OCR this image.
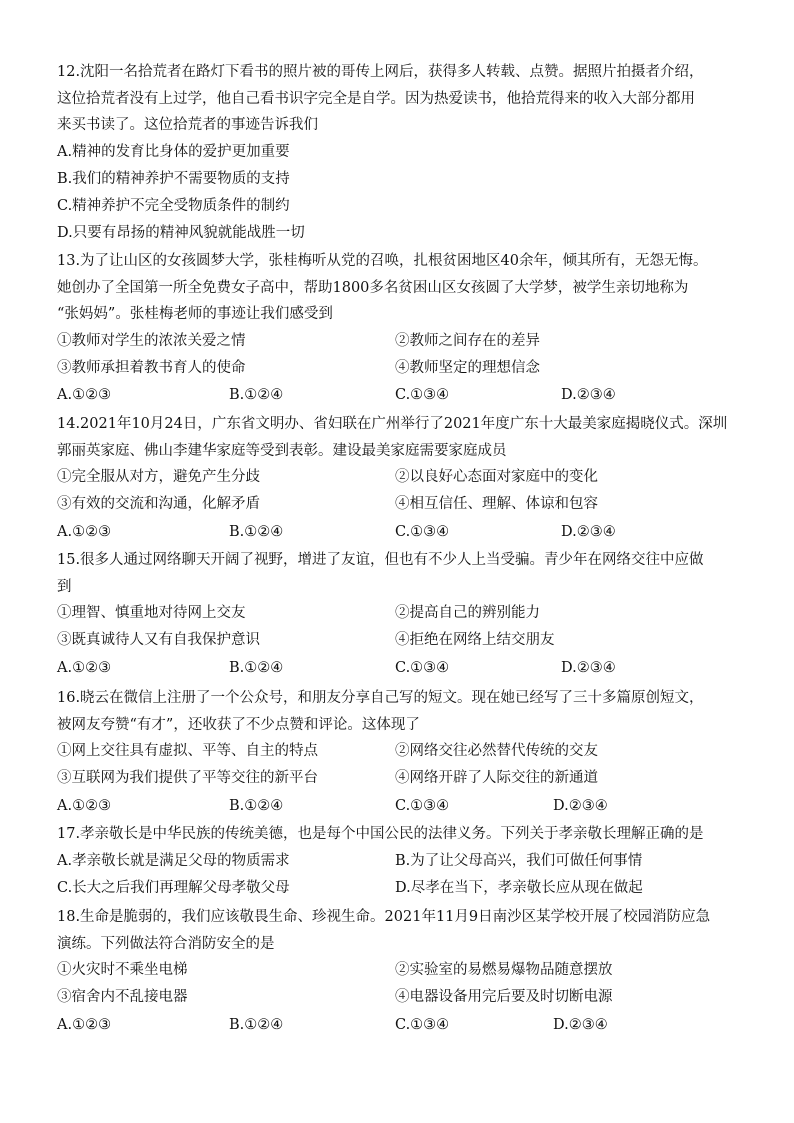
12.沈阳一名拾荒者在路灯下看书的照片被的哥传上网后，获得多人转载、点赞。据照片拍摄者介绍，
这位拾荒者没有上过学，他自己看书识字完全是自学。因为热爱读书，他拾荒得来的收入大部分都用
来买书读了。这位拾荒者的事迹告诉我们
A.精神的发育比身体的爱护更加重要
B.我们的精神养护不需要物质的支持
C.精神养护不完全受物质条件的制约
D.只要有昂扬的精神风貌就能战胜一切
13.为了让山区的女孩圆梦大学，张桂梅听从党的召唤，扎根贫困地区40余年，倾其所有，无怨无悔。
她创办了全国第一所全免费女子高中，帮助1800多名贫困山区女孩圆了大学梦，被学生亲切地称为
“张妈妈”。张桂梅老师的事迹让我们感受到
①教师对学生的浓浓关爱之情	②教师之间存在的差异
③教师承担着教书育人的使命	④教师坚定的理想信念
A.①②③	B.①②④	C.①③④	D.②③④
14.2021年10月24日，广东省文明办、省妇联在广州举行了2021年度广东十大最美家庭揭晓仪式。深圳
郭丽英家庭、佛山李建华家庭等受到表彰。建设最美家庭需要家庭成员
①完全服从对方，避免产生分歧	②以良好心态面对家庭中的变化
③有效的交流和沟通，化解矛盾	④相互信任、理解、体谅和包容
A.①②③	B.①②④	C.①③④	D.②③④
15.很多人通过网络聊天开阔了视野，增进了友谊，但也有不少人上当受骗。青少年在网络交往中应做
到
①理智、慎重地对待网上交友	②提高自己的辨别能力
③既真诚待人又有自我保护意识	④拒绝在网络上结交朋友
A.①②③	B.①②④	C.①③④	D.②③④
16.晓云在微信上注册了一个公众号，和朋友分享自己写的短文。现在她已经写了三十多篇原创短文，
被网友夸赞“有才”，还收获了不少点赞和评论。这体现了
①网上交往具有虚拟、平等、自主的特点	②网络交往必然替代传统的交友
③互联网为我们提供了平等交往的新平台	④网络开辟了人际交往的新通道
A.①②③	B.①②④	C.①③④	D.②③④
17.孝亲敬长是中华民族的传统美德，也是每个中国公民的法律义务。下列关于孝亲敬长理解正确的是
A.孝亲敬长就是满足父母的物质需求	B.为了让父母高兴，我们可做任何事情
C.长大之后我们再理解父母孝敬父母	D.尽孝在当下，孝亲敬长应从现在做起
18.生命是脆弱的，我们应该敬畏生命、珍视生命。2021年11月9日南沙区某学校开展了校园消防应急
演练。下列做法符合消防安全的是
①火灾时不乘坐电梯	②实验室的易燃易爆物品随意摆放
③宿舍内不乱接电器	④电器设备用完后要及时切断电源
A.①②③	B.①②④	C.①③④	D.②③④
